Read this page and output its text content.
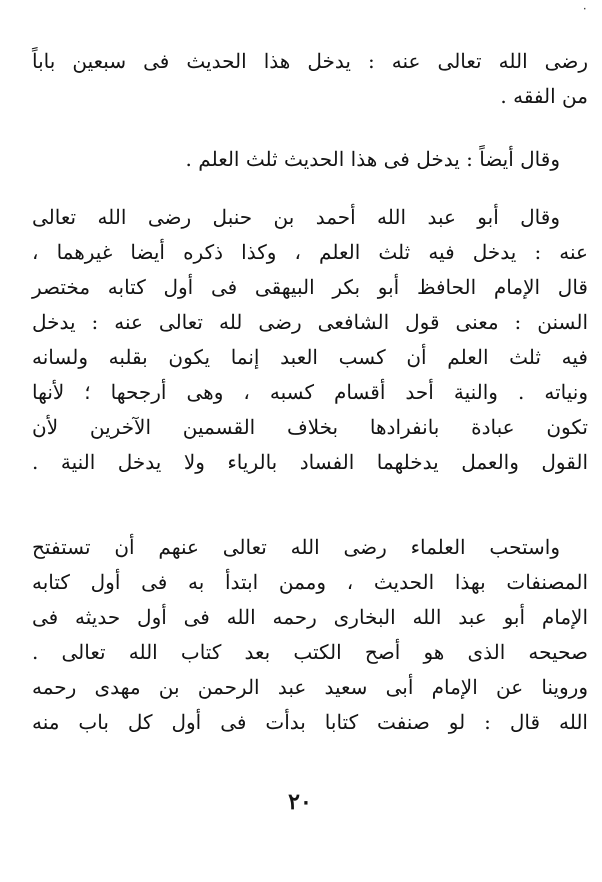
٠
رضى الله تعالى عنه : يدخل هذا الحديث فى سبعين باباً
من الفقه .
وقال أيضاً : يدخل فى هذا الحديث ثلث العلم .
وقال أبو عبد الله أحمد بن حنبل رضى الله تعالى
عنه : يدخل فيه ثلث العلم ، وكذا ذكره أيضا غيرهما ،
قال الإمام الحافظ أبو بكر البيهقى فى أول كتابه مختصر
السنن : معنى قول الشافعى رضى لله تعالى عنه : يدخل
فيه ثلث العلم أن كسب العبد إنما يكون بقلبه ولسانه
ونياته . والنية أحد أقسام كسبه ، وهى أرجحها ؛ لأنها
تكون عبادة بانفرادها بخلاف القسمين الآخرين لأن
القول والعمل يدخلهما الفساد بالرياء ولا يدخل النية .
واستحب العلماء رضى الله تعالى عنهم أن تستفتح
المصنفات بهذا الحديث ، وممن ابتدأ به فى أول كتابه
الإمام أبو عبد الله البخارى رحمه الله فى أول حديثه فى
صحيحه الذى هو أصح الكتب بعد كتاب الله تعالى .
وروينا عن الإمام أبى سعيد عبد الرحمن بن مهدى رحمه
الله قال : لو صنفت كتابا بدأت فى أول كل باب منه
٢٠
